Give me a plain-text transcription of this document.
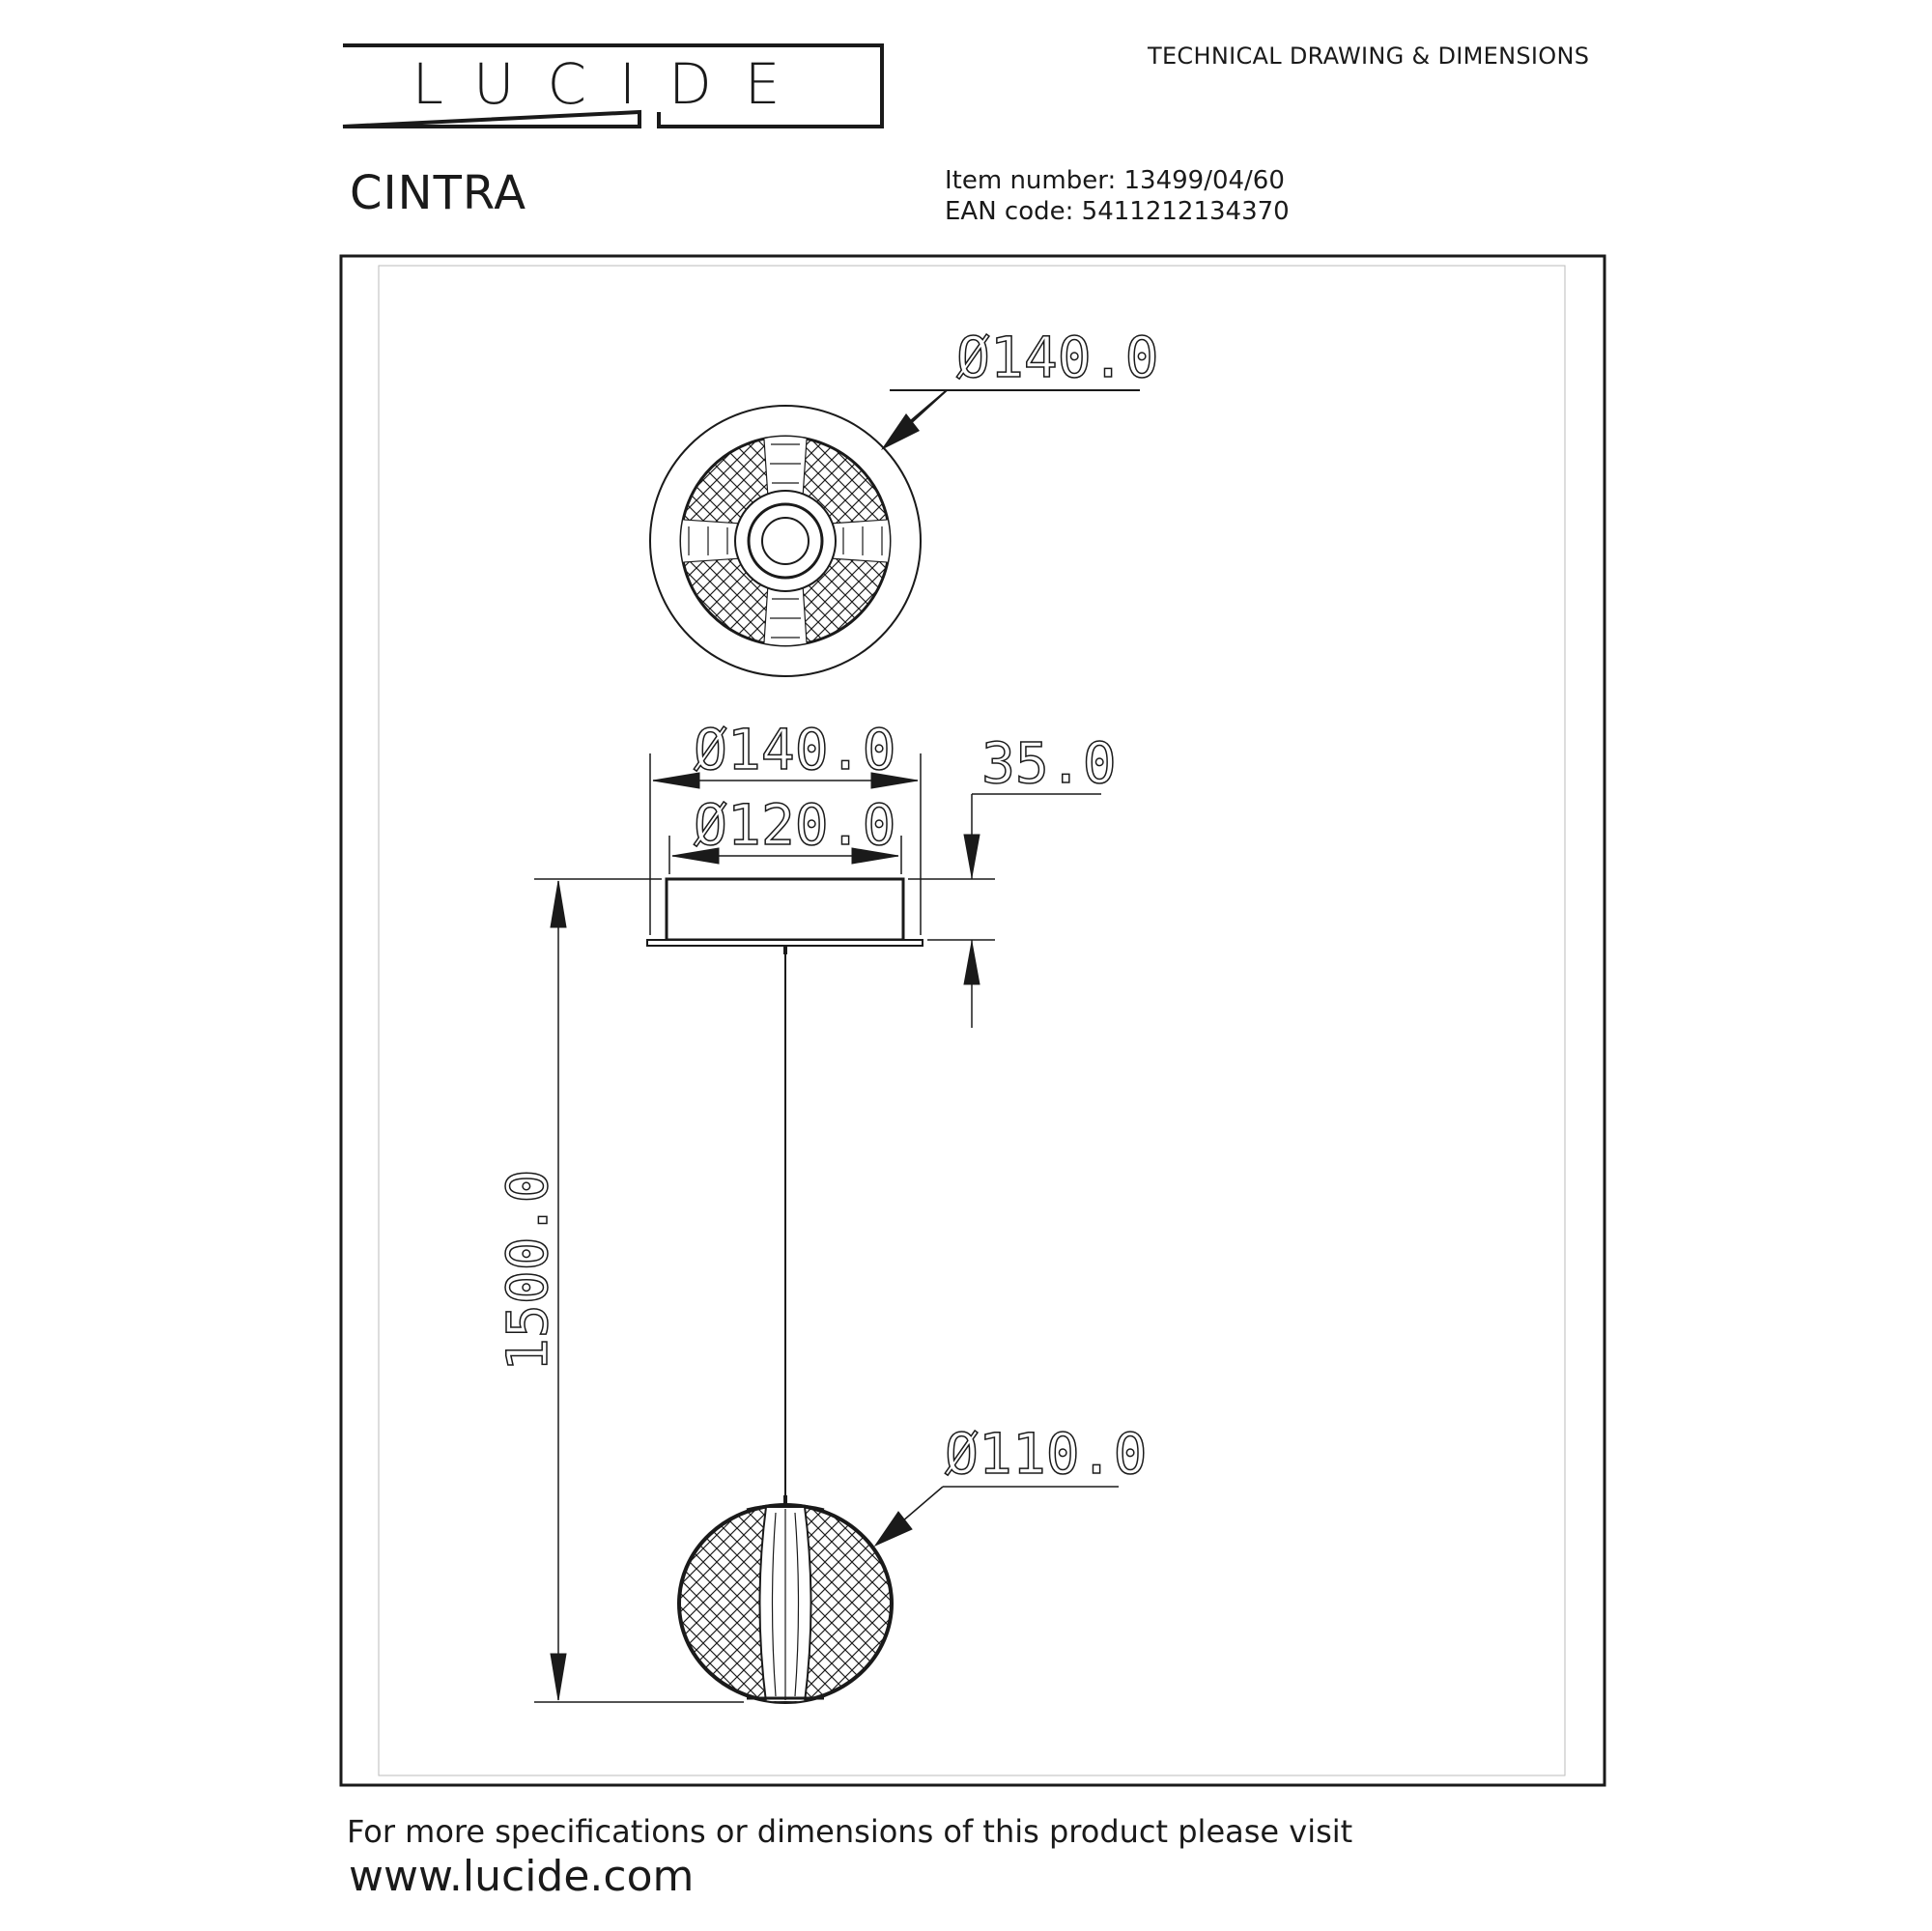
LUCIDE	TECHNICAL DRAWING & DIMENSIONS
CINTRA	Item number: 13499/04/60
EAN code: 5411212134370
Ø140.0
Ø140.0
Ø120.0
35.0
1500.0
Ø110.0
For more specifications or dimensions of this product please visit
www.lucide.com
